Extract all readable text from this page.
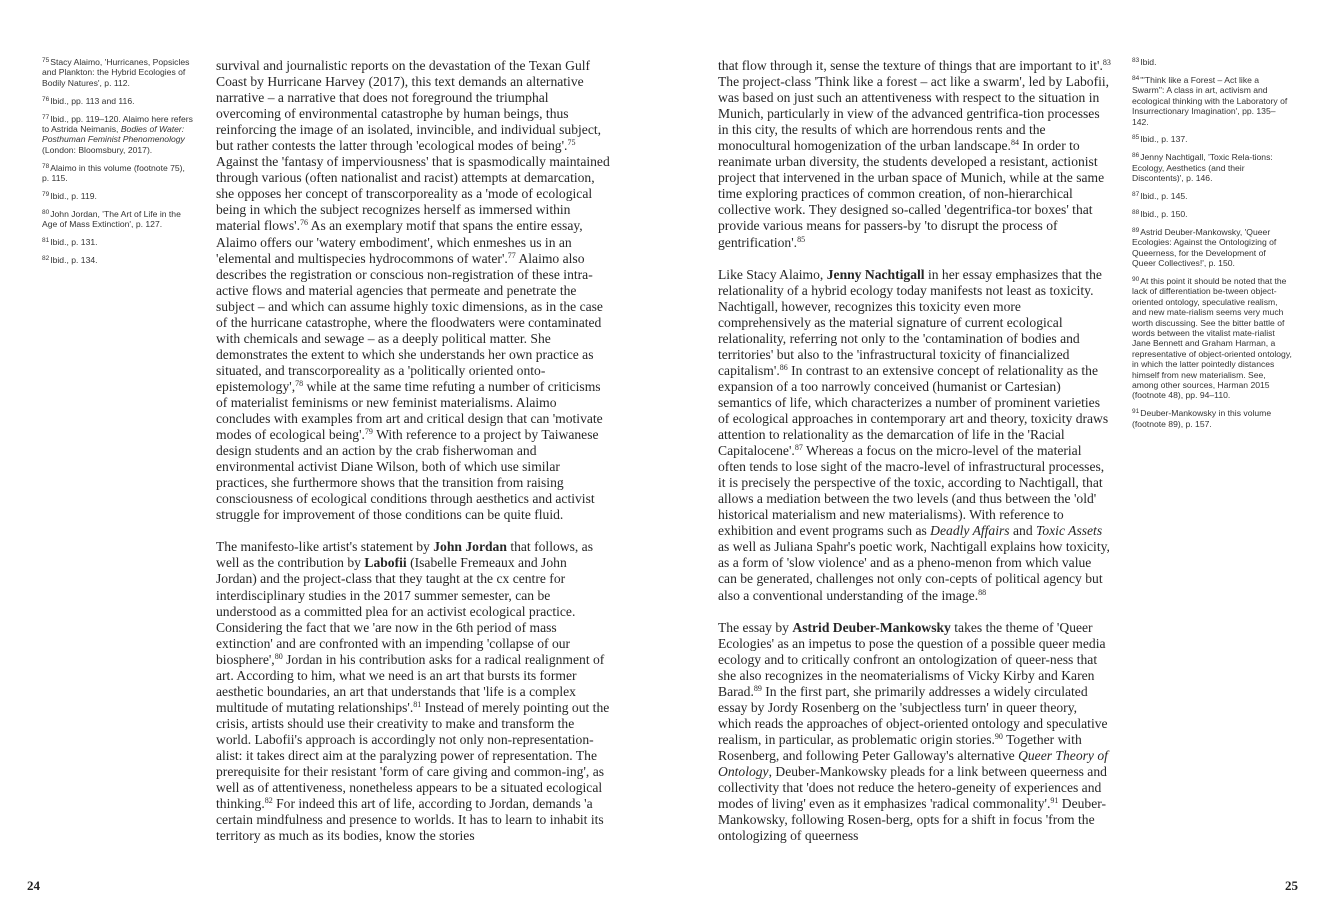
$^{75}$Stacy Alaimo, 'Hurricanes, Popsicles and Plankton: the Hybrid Ecologies of Bodily Natures', p. 112.
$^{76}$Ibid., pp. 113 and 116.
$^{77}$Ibid., pp. 119–120. Alaimo here refers to Astrida Neimanis, Bodies of Water: Posthuman Feminist Phenomenology (London: Bloomsbury, 2017).
$^{78}$Alaimo in this volume (footnote 75), p. 115.
$^{79}$Ibid., p. 119.
$^{80}$John Jordan, 'The Art of Life in the Age of Mass Extinction', p. 127.
$^{81}$Ibid., p. 131.
$^{82}$Ibid., p. 134.

survival and journalistic reports on the devastation of the Texan Gulf Coast by Hurricane Harvey (2017), this text demands an alternative narrative – a narrative that does not foreground the triumphal overcoming of environmental catastrophe by human beings, thus reinforcing the image of an isolated, invincible, and individual subject, but rather contests the latter through 'ecological modes of being'.$^{75}$ Against the 'fantasy of imperviousness' that is spasmodically maintained through various (often nationalist and racist) attempts at demarcation, she opposes her concept of transcorporeality as a 'mode of ecological being in which the subject recognizes herself as immersed within material flows'.$^{76}$ As an exemplary motif that spans the entire essay, Alaimo offers our 'watery embodiment', which enmeshes us in an 'elemental and multispecies hydrocommons of water'.$^{77}$ Alaimo also describes the registration or conscious non-registration of these intra-active flows and material agencies that permeate and penetrate the subject – and which can assume highly toxic dimensions, as in the case of the hurricane catastrophe, where the floodwaters were contaminated with chemicals and sewage – as a deeply political matter. She demonstrates the extent to which she understands her own practice as situated, and transcorporeality as a 'politically oriented onto-epistemology',$^{78}$ while at the same time refuting a number of criticisms of materialist feminisms or new feminist materialisms. Alaimo concludes with examples from art and critical design that can 'motivate modes of ecological being'.$^{79}$ With reference to a project by Taiwanese design students and an action by the crab fisherwoman and environmental activist Diane Wilson, both of which use similar practices, she furthermore shows that the transition from raising consciousness of ecological conditions through aesthetics and activist struggle for improvement of those conditions can be quite fluid.

The manifesto-like artist's statement by John Jordan that follows, as well as the contribution by Labofii (Isabelle Fremeaux and John Jordan) and the project-class that they taught at the cx centre for interdisciplinary studies in the 2017 summer semester, can be understood as a committed plea for an activist ecological practice. Considering the fact that we 'are now in the 6th period of mass extinction' and are confronted with an impending 'collapse of our biosphere',$^{80}$ Jordan in his contribution asks for a radical realignment of art. According to him, what we need is an art that bursts its former aesthetic boundaries, an art that understands that 'life is a complex multitude of mutating relationships'.$^{81}$ Instead of merely pointing out the crisis, artists should use their creativity to make and transform the world. Labofii's approach is accordingly not only non-representation-alist: it takes direct aim at the paralyzing power of representation. The prerequisite for their resistant 'form of care giving and common-ing', as well as of attentiveness, nonetheless appears to be a situated ecological thinking.$^{82}$ For indeed this art of life, according to Jordan, demands 'a certain mindfulness and presence to worlds. It has to learn to inhabit its territory as much as its bodies, know the stories

24

that flow through it, sense the texture of things that are important to it'.$^{83}$ The project-class 'Think like a forest – act like a swarm', led by Labofii, was based on just such an attentiveness with respect to the situation in Munich, particularly in view of the advanced gentrifica-tion processes in this city, the results of which are horrendous rents and the monocultural homogenization of the urban landscape.$^{84}$ In order to reanimate urban diversity, the students developed a resistant, actionist project that intervened in the urban space of Munich, while at the same time exploring practices of common creation, of non-hierarchical collective work. They designed so-called 'degentrifica-tor boxes' that provide various means for passers-by 'to disrupt the process of gentrification'.$^{85}$

Like Stacy Alaimo, Jenny Nachtigall in her essay emphasizes that the relationality of a hybrid ecology today manifests not least as toxicity. Nachtigall, however, recognizes this toxicity even more comprehensively as the material signature of current ecological relationality, referring not only to the 'contamination of bodies and territories' but also to the 'infrastructural toxicity of financialized capitalism'.$^{86}$ In contrast to an extensive concept of relationality as the expansion of a too narrowly conceived (humanist or Cartesian) semantics of life, which characterizes a number of prominent varieties of ecological approaches in contemporary art and theory, toxicity draws attention to relationality as the demarcation of life in the 'Racial Capitalocene'.$^{87}$ Whereas a focus on the micro-level of the material often tends to lose sight of the macro-level of infrastructural processes, it is precisely the perspective of the toxic, according to Nachtigall, that allows a mediation between the two levels (and thus between the 'old' historical materialism and new materialisms). With reference to exhibition and event programs such as Deadly Affairs and Toxic Assets as well as Juliana Spahr's poetic work, Nachtigall explains how toxicity, as a form of 'slow violence' and as a pheno-menon from which value can be generated, challenges not only con-cepts of political agency but also a conventional understanding of the image.$^{88}$

The essay by Astrid Deuber-Mankowsky takes the theme of 'Queer Ecologies' as an impetus to pose the question of a possible queer media ecology and to critically confront an ontologization of queer-ness that she also recognizes in the neomaterialisms of Vicky Kirby and Karen Barad.$^{89}$ In the first part, she primarily addresses a widely circulated essay by Jordy Rosenberg on the 'subjectless turn' in queer theory, which reads the approaches of object-oriented ontology and speculative realism, in particular, as problematic origin stories.$^{90}$ Together with Rosenberg, and following Peter Galloway's alternative Queer Theory of Ontology, Deuber-Mankowsky pleads for a link between queerness and collectivity that 'does not reduce the hetero-geneity of experiences and modes of living' even as it emphasizes 'radical commonality'.$^{91}$ Deuber-Mankowsky, following Rosen-berg, opts for a shift in focus 'from the ontologizing of queerness

$^{83}$Ibid.
$^{84}$"'Think like a Forest – Act like a Swarm'': A class in art, activism and ecological thinking with the Laboratory of Insurrectionary Imagination', pp. 135–142.
$^{85}$Ibid., p. 137.
$^{86}$Jenny Nachtigall, 'Toxic Rela-tions: Ecology, Aesthetics (and their Discontents)', p. 146.
$^{87}$Ibid., p. 145.
$^{88}$Ibid., p. 150.
$^{89}$Astrid Deuber-Mankowsky, 'Queer Ecologies: Against the Ontologizing of Queerness, for the Development of Queer Collectives!', p. 150.
$^{90}$At this point it should be noted that the lack of differentiation be-tween object-oriented ontology, speculative realism, and new mate-rialism seems very much worth discussing. See the bitter battle of words between the vitalist mate-rialist Jane Bennett and Graham Harman, a representative of object-oriented ontology, in which the latter pointedly distances himself from new materialism. See, among other sources, Harman 2015 (footnote 48), pp. 94–110.
$^{91}$Deuber-Mankowsky in this volume (footnote 89), p. 157.
25
